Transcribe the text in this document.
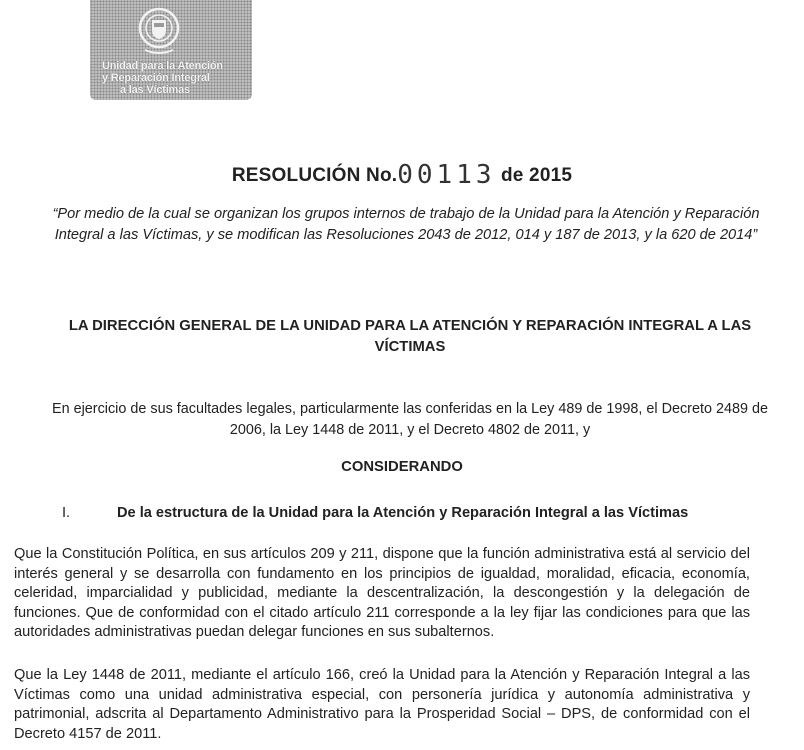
Unidad para la Atención
y Reparación Integral
a las Víctimas
RESOLUCIÓN No.00113 de 2015
“Por medio de la cual se organizan los grupos internos de trabajo de la Unidad para la Atención y Reparación Integral a las Víctimas, y se modifican las Resoluciones 2043 de 2012, 014 y 187 de 2013, y la 620 de 2014”
LA DIRECCIÓN GENERAL DE LA UNIDAD PARA LA ATENCIÓN Y REPARACIÓN INTEGRAL A LAS VÍCTIMAS
En ejercicio de sus facultades legales, particularmente las conferidas en la Ley 489 de 1998, el Decreto 2489 de 2006, la Ley 1448 de 2011, y el Decreto 4802 de 2011, y
CONSIDERANDO
I.	De la estructura de la Unidad para la Atención y Reparación Integral a las Víctimas
Que la Constitución Política, en sus artículos 209 y 211, dispone que la función administrativa está al servicio del interés general y se desarrolla con fundamento en los principios de igualdad, moralidad, eficacia, economía, celeridad, imparcialidad y publicidad, mediante la descentralización, la descongestión y la delegación de funciones. Que de conformidad con el citado artículo 211 corresponde a la ley fijar las condiciones para que las autoridades administrativas puedan delegar funciones en sus subalternos.
Que la Ley 1448 de 2011, mediante el artículo 166, creó la Unidad para la Atención y Reparación Integral a las Víctimas como una unidad administrativa especial, con personería jurídica y autonomía administrativa y patrimonial, adscrita al Departamento Administrativo para la Prosperidad Social – DPS, de conformidad con el Decreto 4157 de 2011.
